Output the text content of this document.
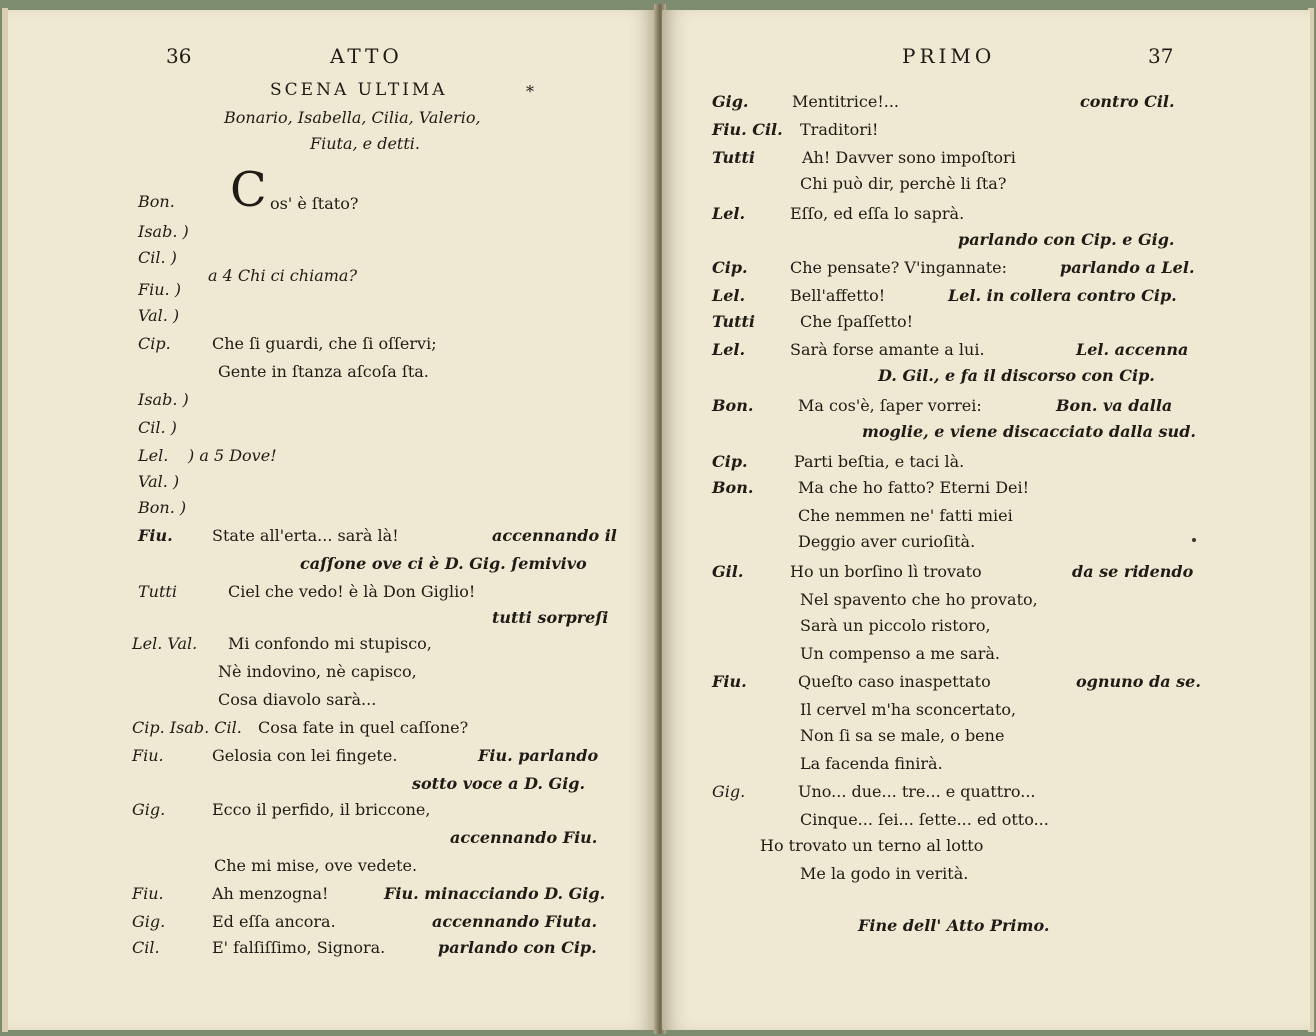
36	ATTO
SCENA ULTIMA	*
Bonario, Isabella, Cilia, Valerio,
Fiuta, e detti.
Bon. C os' è ſtato?
Isab. )
Cil. )
a 4 Chi ci chiama?
Fiu. )
Val. )
Cip.	Che ſi guardi, che ſi oſſervi;
Gente in ſtanza aſcoſa ſta.
Isab. )
Cil. )
Lel. ) a 5 Dove!
Val. )
Bon. )
Fiu. State all'erta... sarà là!	accennando il
caſſone ove ci è D. Gig. ſemivivo
Tutti	Ciel che vedo! è là Don Giglio!
tutti sorpreſi
Lel. Val. Mi confondo mi stupisco,
Nè indovino, nè capisco,
Cosa diavolo sarà...
Cip. Isab. Cil. Cosa fate in quel caſſone?
Fiu.	Gelosia con lei fingete.	Fiu. parlando
sotto voce a D. Gig.
Gig.	Ecco il perfido, il briccone,
accennando Fiu.
Che mi mise, ove vedete.
Fiu.	Ah menzogna!	Fiu. minacciando D. Gig.
Gig.	Ed eſſa ancora.	accennando Fiuta.
Cil.	E' falſiſſimo, Signora.	parlando con Cip.
PRIMO	37
Gig.	Mentitrice!...	contro Cil.
Fiu. Cil. Traditori!
Tutti	Ah! Davver sono impoſtori
Chi può dir, perchè li ſta?
Lel.	Eſſo, ed eſſa lo saprà.
parlando con Cip. e Gig.
Cip.	Che pensate? V'ingannate:	parlando a Lel.
Lel.	Bell'affetto!	Lel. in collera contro Cip.
Tutti	Che ſpaſſetto!
Lel.	Sarà forse amante a lui.	Lel. accenna
D. Gil., e fa il discorso con Cip.
Bon.	Ma cos'è, ſaper vorrei:	Bon. va dalla
moglie, e viene discacciato dalla sud.
Cip.	Parti beſtia, e taci là.
Bon.	Ma che ho fatto? Eterni Dei!
Che nemmen ne' fatti miei
Deggio aver curioſità.
Gil.	Ho un borſino lì trovato	da se ridendo
Nel spavento che ho provato,
Sarà un piccolo ristoro,
Un compenso a me sarà.
Fiu.	Queſto caso inaspettato	ognuno da se.
Il cervel m'ha sconcertato,
Non ſi sa se male, o bene
La facenda finirà.
Gig.	Uno... due... tre... e quattro...
Cinque... ſei... ſette... ed otto...
Ho trovato un terno al lotto
Me la godo in verità.
Fine dell' Atto Primo.
